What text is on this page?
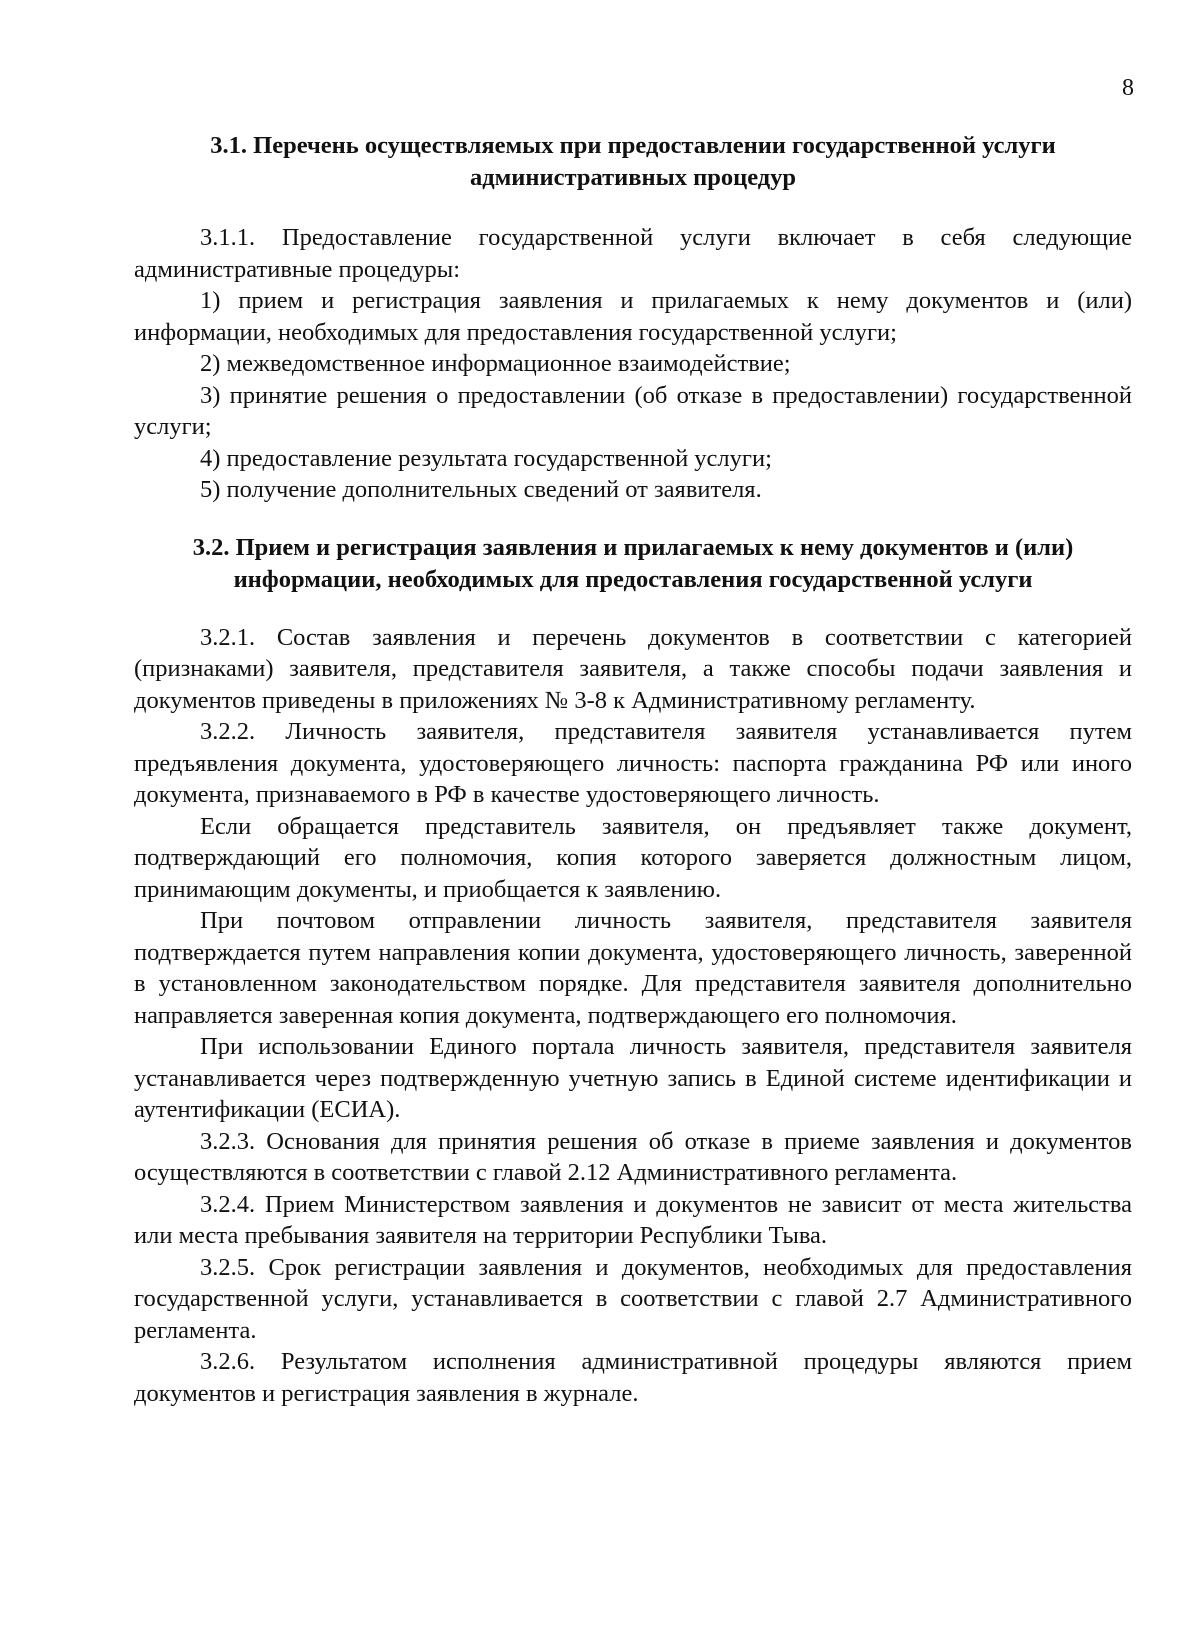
8
3.1. Перечень осуществляемых при предоставлении государственной услуги
административных процедур

3.1.1. Предоставление государственной услуги включает в себя следующие административные процедуры:

1) прием и регистрация заявления и прилагаемых к нему документов и (или) информации, необходимых для предоставления государственной услуги;

2) межведомственное информационное взаимодействие;

3) принятие решения о предоставлении (об отказе в предоставлении) государственной услуги;

4) предоставление результата государственной услуги;

5) получение дополнительных сведений от заявителя.

3.2. Прием и регистрация заявления и прилагаемых к нему документов и (или)
информации, необходимых для предоставления государственной услуги

3.2.1. Состав заявления и перечень документов в соответствии с категорией (признаками) заявителя, представителя заявителя, а также способы подачи заявления и документов приведены в приложениях № 3-8 к Административному регламенту.

3.2.2. Личность заявителя, представителя заявителя устанавливается путем предъявления документа, удостоверяющего личность: паспорта гражданина РФ или иного документа, признаваемого в РФ в качестве удостоверяющего личность.

Если обращается представитель заявителя, он предъявляет также документ, подтверждающий его полномочия, копия которого заверяется должностным лицом, принимающим документы, и приобщается к заявлению.

При почтовом отправлении личность заявителя, представителя заявителя подтверждается путем направления копии документа, удостоверяющего личность, заверенной в установленном законодательством порядке. Для представителя заявителя дополнительно направляется заверенная копия документа, подтверждающего его полномочия.

При использовании Единого портала личность заявителя, представителя заявителя устанавливается через подтвержденную учетную запись в Единой системе идентификации и аутентификации (ЕСИА).

3.2.3. Основания для принятия решения об отказе в приеме заявления и документов осуществляются в соответствии с главой 2.12 Административного регламента.

3.2.4. Прием Министерством заявления и документов не зависит от места жительства или места пребывания заявителя на территории Республики Тыва.

3.2.5. Срок регистрации заявления и документов, необходимых для предоставления государственной услуги, устанавливается в соответствии с главой 2.7 Административного регламента.

3.2.6. Результатом исполнения административной процедуры являются прием документов и регистрация заявления в журнале.
